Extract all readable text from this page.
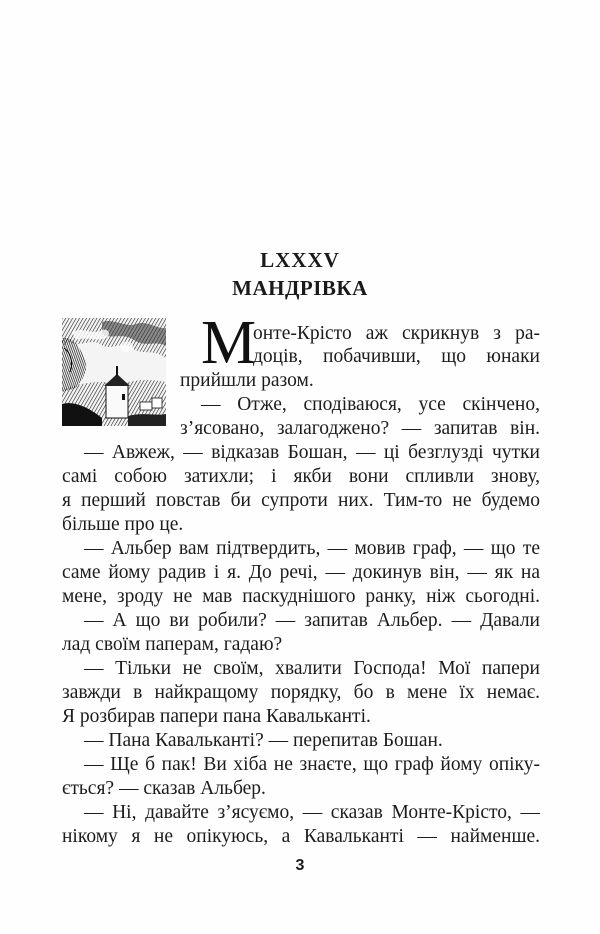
LXXXV
МАНДРІВКА
М
онте-Крісто аж скрикнув з ра-
доцiв, побачивши, що юнаки
прийшли разом.
— Отже, сподіваюся, усе скінчено,
з’ясовано, залагоджено? — запитав він.
— Авжеж, — відказав Бошан, — ці безглузді чутки
самі собою затихли; і якби вони спливли знову,
я перший повстав би супроти них. Тим-то не будемо
більше про це.
— Альбер вам підтвердить, — мовив граф, — що те
саме йому радив і я. До речі, — докинув він, — як на
мене, зроду не мав паскуднішого ранку, ніж сьогодні.
— А що ви робили? — запитав Альбер. — Давали
лад своїм паперам, гадаю?
— Тільки не своїм, хвалити Господа! Мої папери
завжди в найкращому порядку, бо в мене їх немає.
Я розбирав папери пана Кавальканті.
— Пана Кавальканті? — перепитав Бошан.
— Ще б пак! Ви хіба не знаєте, що граф йому опіку-
ється? — сказав Альбер.
— Ні, давайте з’ясуємо, — сказав Монте-Крісто, —
нікому я не опікуюсь, а Кавальканті — найменше.
3
